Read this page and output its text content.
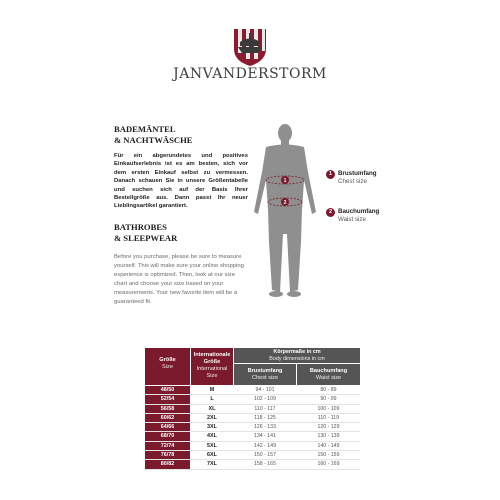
JANVANDERSTORM
BADEMÄNTEL
& NACHTWÄSCHE
Für ein abgerundetes und positives Einkaufserlebnis ist es am besten, sich vor dem ersten Einkauf selbst zu vermessen. Danach schauen Sie in unsere Größentabelle und suchen sich auf der Basis Ihrer Bestellgröße aus. Dann passt Ihr neuer Lieblingsartikel garantiert.
BATHROBES
& SLEEPWEAR
Before you purchase, please be sure to measure yourself. This will make sure your online shopping experience is optimized. Then, look at our size chart and choose your size based on your measurements. Your new favorite item will be a guaranteed fit.
1
2
1 Brustumfang
Chest size
2 Bauchumfang
Waist size
Größe
Size
Internationale Größe
International Size
Körpermaße in cm
Body dimensions in cm
Brustumfang
Chest size
Bauchumfang
Waist size
48/50	M	94 - 101	80 - 89
52/54	L	102 - 109	90 - 99
56/58	XL	110 - 117	100 - 109
60/62	2XL	118 - 125	110 - 119
64/66	3XL	126 - 133	120 - 129
68/70	4XL	134 - 141	130 - 139
72/74	5XL	142 - 149	140 - 149
76/78	6XL	150 - 157	150 - 159
80/82	7XL	158 - 165	160 - 169
